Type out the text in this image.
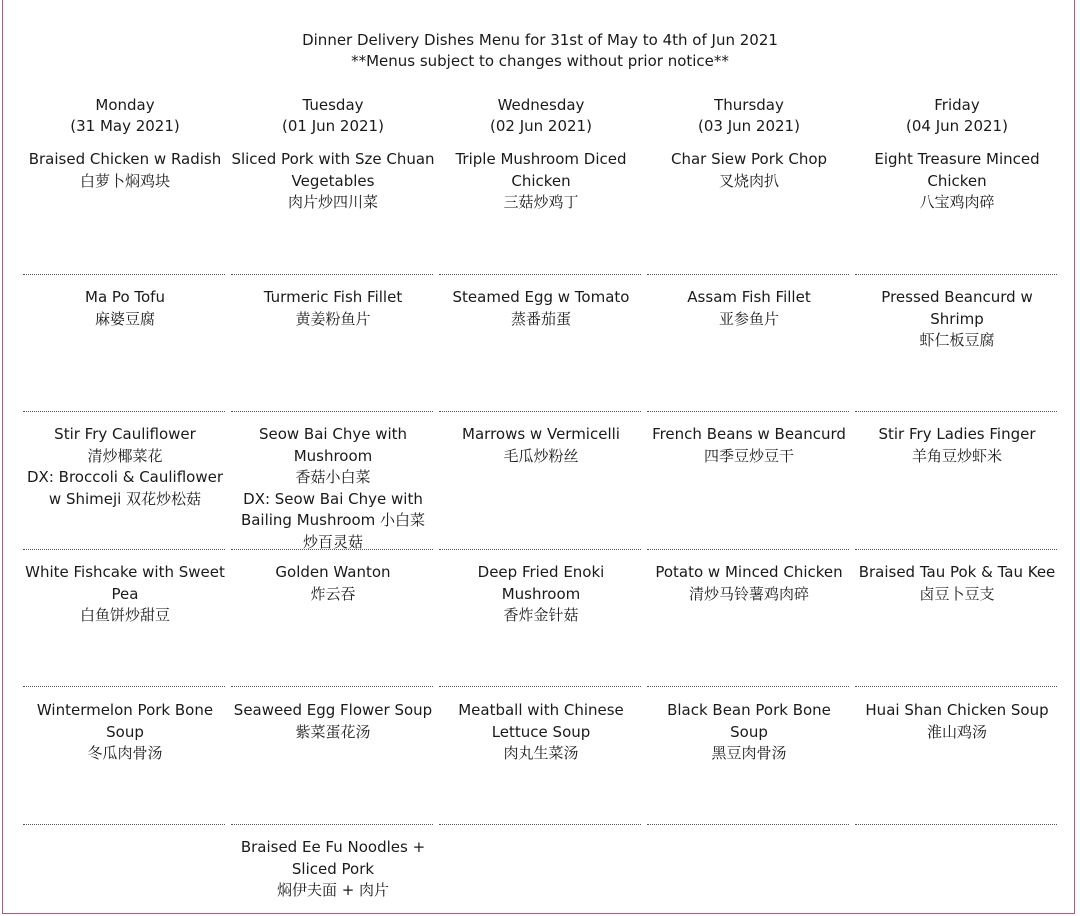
Dinner Delivery Dishes Menu for 31st of May to 4th of Jun 2021
**Menus subject to changes without prior notice**
Monday
(31 May 2021)
Tuesday
(01 Jun 2021)
Wednesday
(02 Jun 2021)
Thursday
(03 Jun 2021)
Friday
(04 Jun 2021)
Braised Chicken w Radish
白萝卜焖鸡块
Sliced Pork with Sze Chuan
Vegetables
肉片炒四川菜
Triple Mushroom Diced
Chicken
三菇炒鸡丁
Char Siew Pork Chop
叉烧肉扒
Eight Treasure Minced
Chicken
八宝鸡肉碎
Ma Po Tofu
麻婆豆腐
Turmeric Fish Fillet
黄姜粉鱼片
Steamed Egg w Tomato
蒸番茄蛋
Assam Fish Fillet
亚参鱼片
Pressed Beancurd w
Shrimp
虾仁板豆腐
Stir Fry Cauliflower
清炒椰菜花
DX: Broccoli & Cauliflower
w Shimeji 双花炒松菇
Seow Bai Chye with
Mushroom
香菇小白菜
DX: Seow Bai Chye with
Bailing Mushroom 小白菜
炒百灵菇
Marrows w Vermicelli
毛瓜炒粉丝
French Beans w Beancurd
四季豆炒豆干
Stir Fry Ladies Finger
羊角豆炒虾米
White Fishcake with Sweet
Pea
白鱼饼炒甜豆
Golden Wanton
炸云吞
Deep Fried Enoki
Mushroom
香炸金针菇
Potato w Minced Chicken
清炒马铃薯鸡肉碎
Braised Tau Pok & Tau Kee
卤豆卜豆支
Wintermelon Pork Bone
Soup
冬瓜肉骨汤
Seaweed Egg Flower Soup
紫菜蛋花汤
Meatball with Chinese
Lettuce Soup
肉丸生菜汤
Black Bean Pork Bone
Soup
黑豆肉骨汤
Huai Shan Chicken Soup
淮山鸡汤
Braised Ee Fu Noodles +
Sliced Pork
焖伊夫面 + 肉片
